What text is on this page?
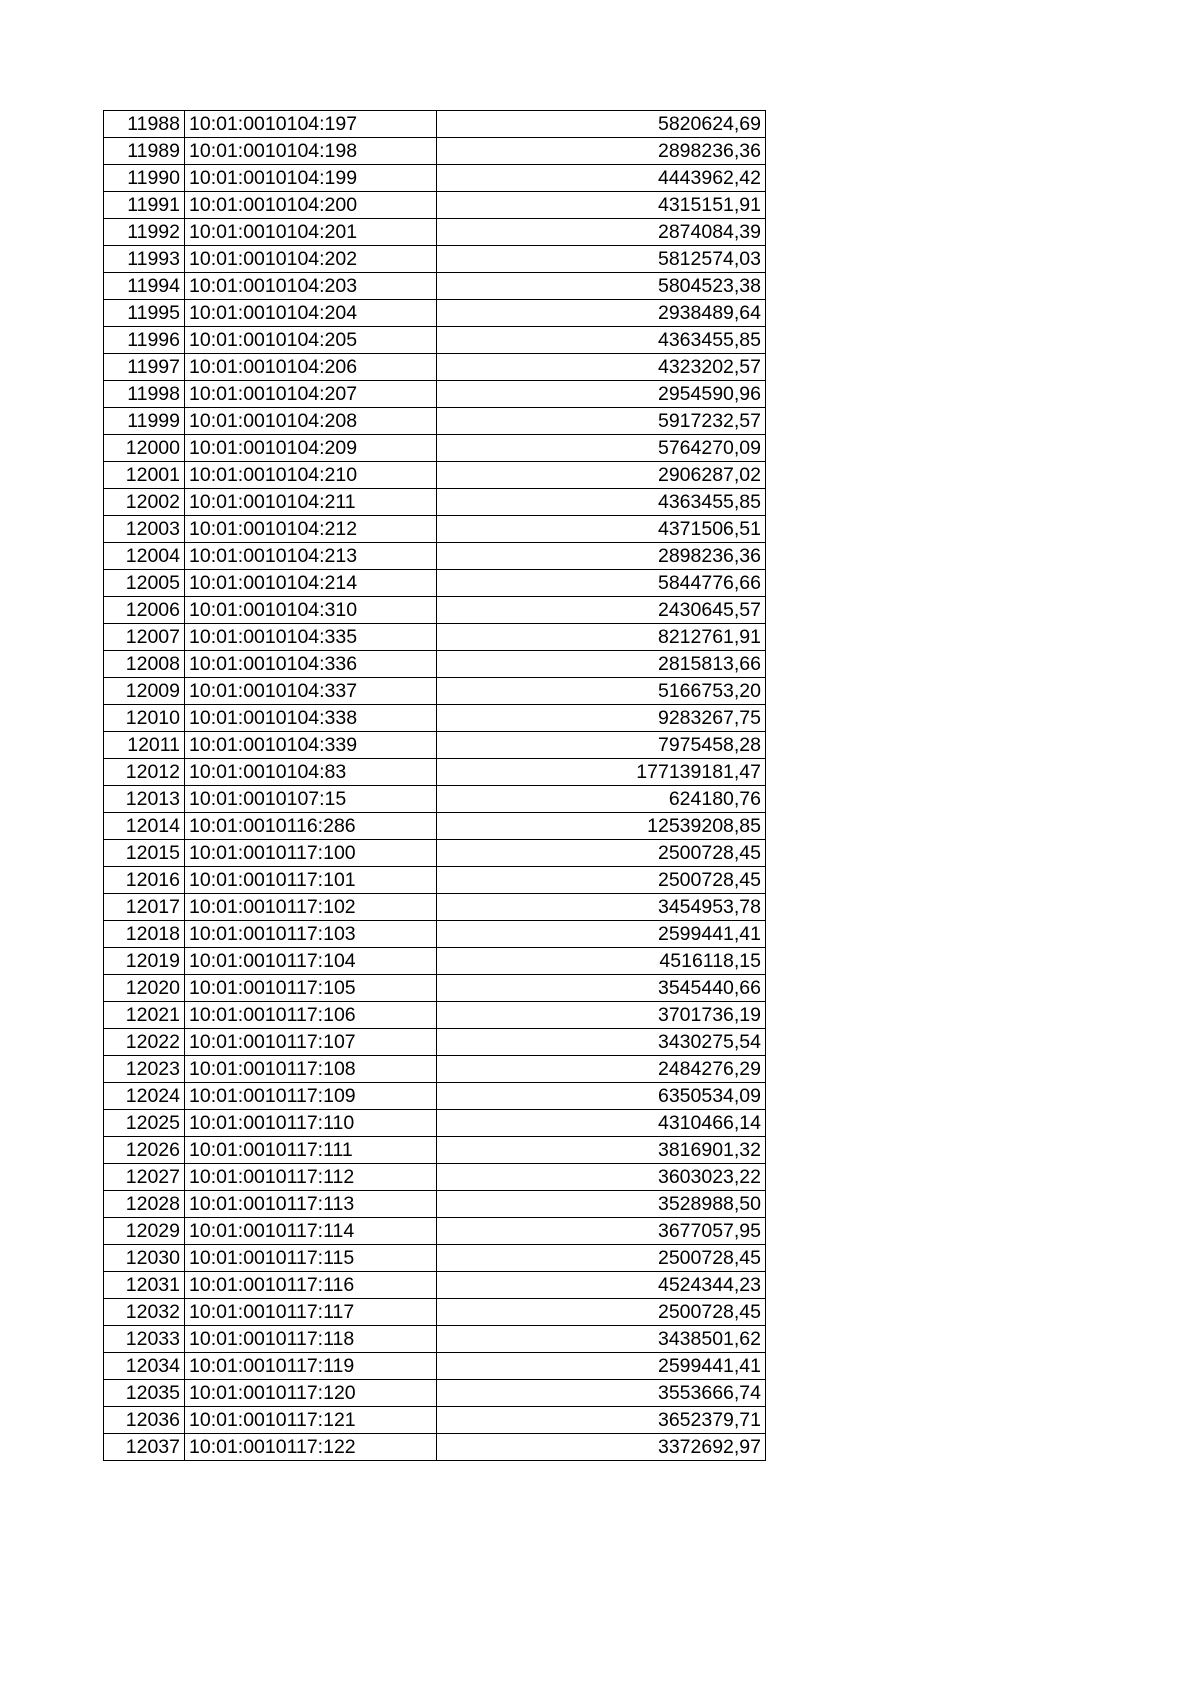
11988	10:01:0010104:197	5820624,69
11989	10:01:0010104:198	2898236,36
11990	10:01:0010104:199	4443962,42
11991	10:01:0010104:200	4315151,91
11992	10:01:0010104:201	2874084,39
11993	10:01:0010104:202	5812574,03
11994	10:01:0010104:203	5804523,38
11995	10:01:0010104:204	2938489,64
11996	10:01:0010104:205	4363455,85
11997	10:01:0010104:206	4323202,57
11998	10:01:0010104:207	2954590,96
11999	10:01:0010104:208	5917232,57
12000	10:01:0010104:209	5764270,09
12001	10:01:0010104:210	2906287,02
12002	10:01:0010104:211	4363455,85
12003	10:01:0010104:212	4371506,51
12004	10:01:0010104:213	2898236,36
12005	10:01:0010104:214	5844776,66
12006	10:01:0010104:310	2430645,57
12007	10:01:0010104:335	8212761,91
12008	10:01:0010104:336	2815813,66
12009	10:01:0010104:337	5166753,20
12010	10:01:0010104:338	9283267,75
12011	10:01:0010104:339	7975458,28
12012	10:01:0010104:83	177139181,47
12013	10:01:0010107:15	624180,76
12014	10:01:0010116:286	12539208,85
12015	10:01:0010117:100	2500728,45
12016	10:01:0010117:101	2500728,45
12017	10:01:0010117:102	3454953,78
12018	10:01:0010117:103	2599441,41
12019	10:01:0010117:104	4516118,15
12020	10:01:0010117:105	3545440,66
12021	10:01:0010117:106	3701736,19
12022	10:01:0010117:107	3430275,54
12023	10:01:0010117:108	2484276,29
12024	10:01:0010117:109	6350534,09
12025	10:01:0010117:110	4310466,14
12026	10:01:0010117:111	3816901,32
12027	10:01:0010117:112	3603023,22
12028	10:01:0010117:113	3528988,50
12029	10:01:0010117:114	3677057,95
12030	10:01:0010117:115	2500728,45
12031	10:01:0010117:116	4524344,23
12032	10:01:0010117:117	2500728,45
12033	10:01:0010117:118	3438501,62
12034	10:01:0010117:119	2599441,41
12035	10:01:0010117:120	3553666,74
12036	10:01:0010117:121	3652379,71
12037	10:01:0010117:122	3372692,97
